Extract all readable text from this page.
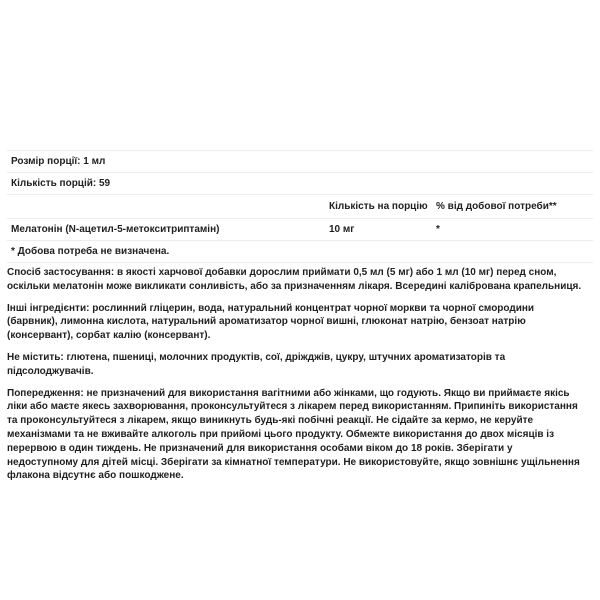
Розмір порції: 1 мл
Кількість порцій: 59
Кількість на порцію % від добової потреби**
Мелатонін (N-ацетил-5-метокситриптамін)	10 мг	*
* Добова потреба не визначена.

Спосіб застосування: в якості харчової добавки дорослим приймати 0,5 мл (5 мг) або 1 мл (10 мг) перед сном, оскільки мелатонін може викликати сонливість, або за призначенням лікаря. Всередині калібрована крапельниця.

Інші інгредієнти: рослинний гліцерин, вода, натуральний концентрат чорної моркви та чорної смородини (барвник), лимонна кислота, натуральний ароматизатор чорної вишні, глюконат натрію, бензоат натрію (консервант), сорбат калію (консервант).

Не містить: глютена, пшениці, молочних продуктів, сої, дріжджів, цукру, штучних ароматизаторів та підсолоджувачів.

Попередження: не призначений для використання вагітними або жінками, що годують. Якщо ви приймаєте якісь ліки або маєте якесь захворювання, проконсультуйтеся з лікарем перед використанням. Припиніть використання та проконсультуйтеся з лікарем, якщо виникнуть будь-які побічні реакції. Не сідайте за кермо, не керуйте механізмами та не вживайте алкоголь при прийомі цього продукту. Обмежте використання до двох місяців із перервою в один тиждень. Не призначений для використання особами віком до 18 років. Зберігати у недоступному для дітей місці. Зберігати за кімнатної температури. Не використовуйте, якщо зовнішнє ущільнення флакона відсутнє або пошкоджене.
